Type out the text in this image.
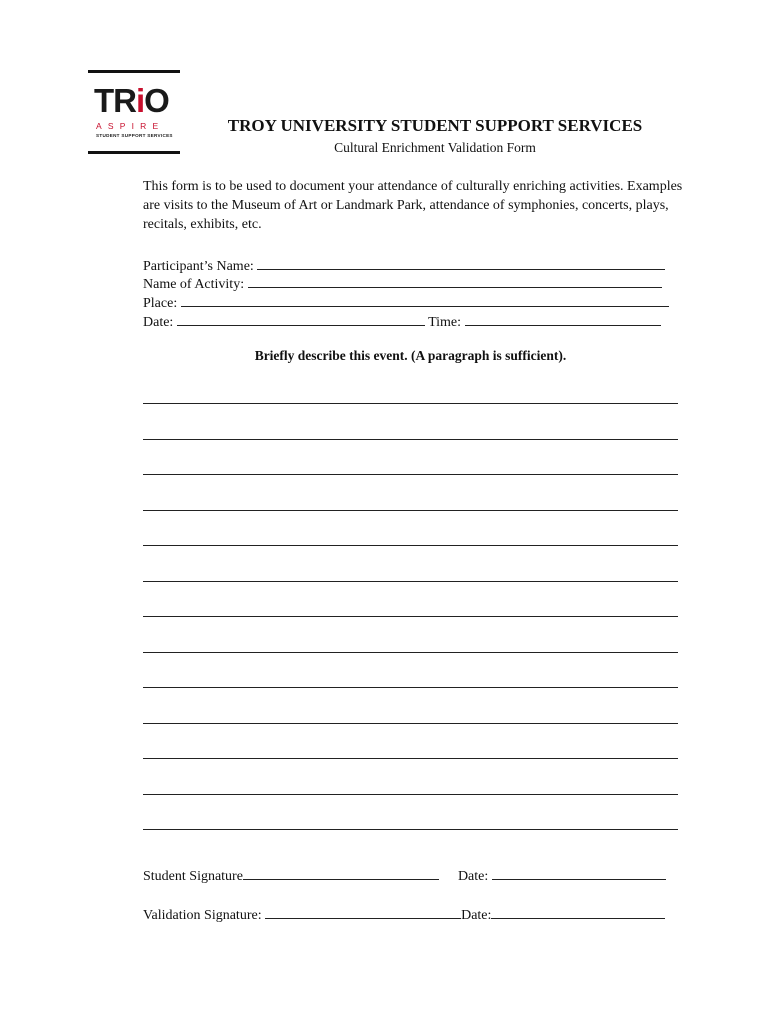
TRiO
ASPIRE
STUDENT SUPPORT SERVICES
TROY UNIVERSITY STUDENT SUPPORT SERVICES
Cultural Enrichment Validation Form
This form is to be used to document your attendance of culturally enriching activities. Examples are visits to the Museum of Art or Landmark Park, attendance of symphonies, concerts, plays, recitals, exhibits, etc.
Participant’s Name:
Name of Activity:
Place:
Date:	Time:
Briefly describe this event. (A paragraph is sufficient).
Student Signature	Date:
Validation Signature:	Date:
